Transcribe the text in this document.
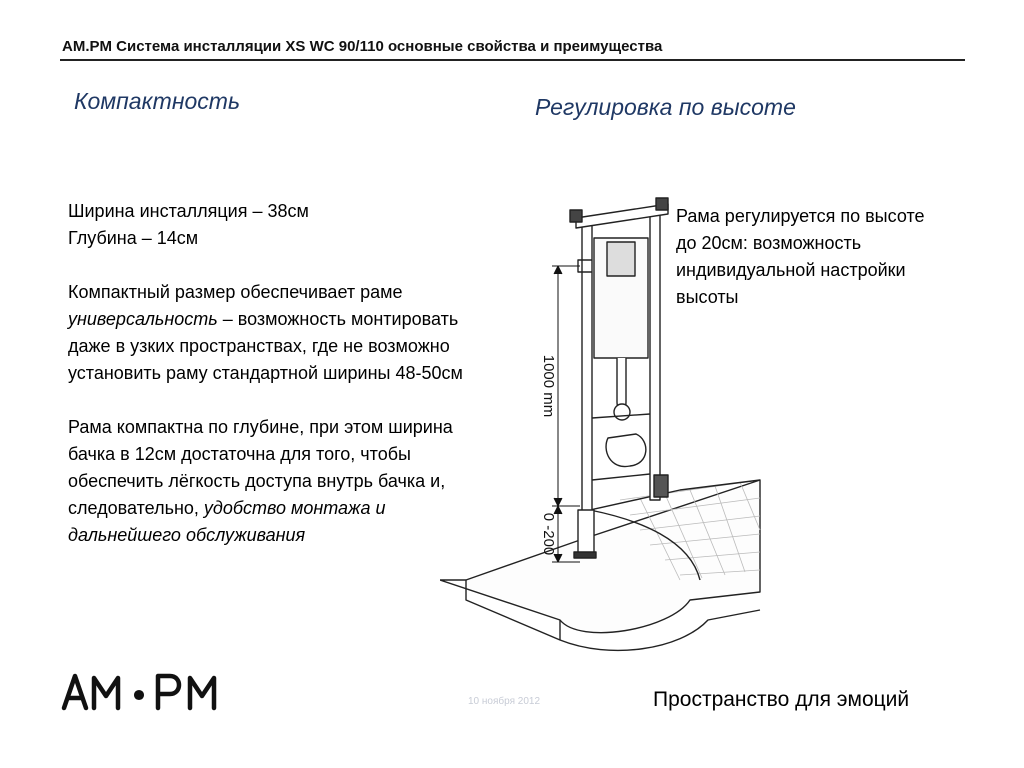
AM.PM Система инсталляции XS WC 90/110 основные свойства и преимущества
Компактность	Регулировка по высоте

Ширина инсталляция – 38см
Глубина – 14см

Компактный размер обеспечивает раме универсальность – возможность монтировать даже в узких пространствах, где не возможно установить раму стандартной ширины 48-50см

Рама компактна по глубине, при этом ширина бачка в 12см достаточна для того, чтобы обеспечить лёгкость доступа внутрь бачка и, следовательно, удобство монтажа и дальнейшего обслуживания

Рама регулируется по высоте до 20см: возможность индивидуальной настройки высоты
1000 mm
0 -200
10 ноября 2012	Пространство для эмоций
